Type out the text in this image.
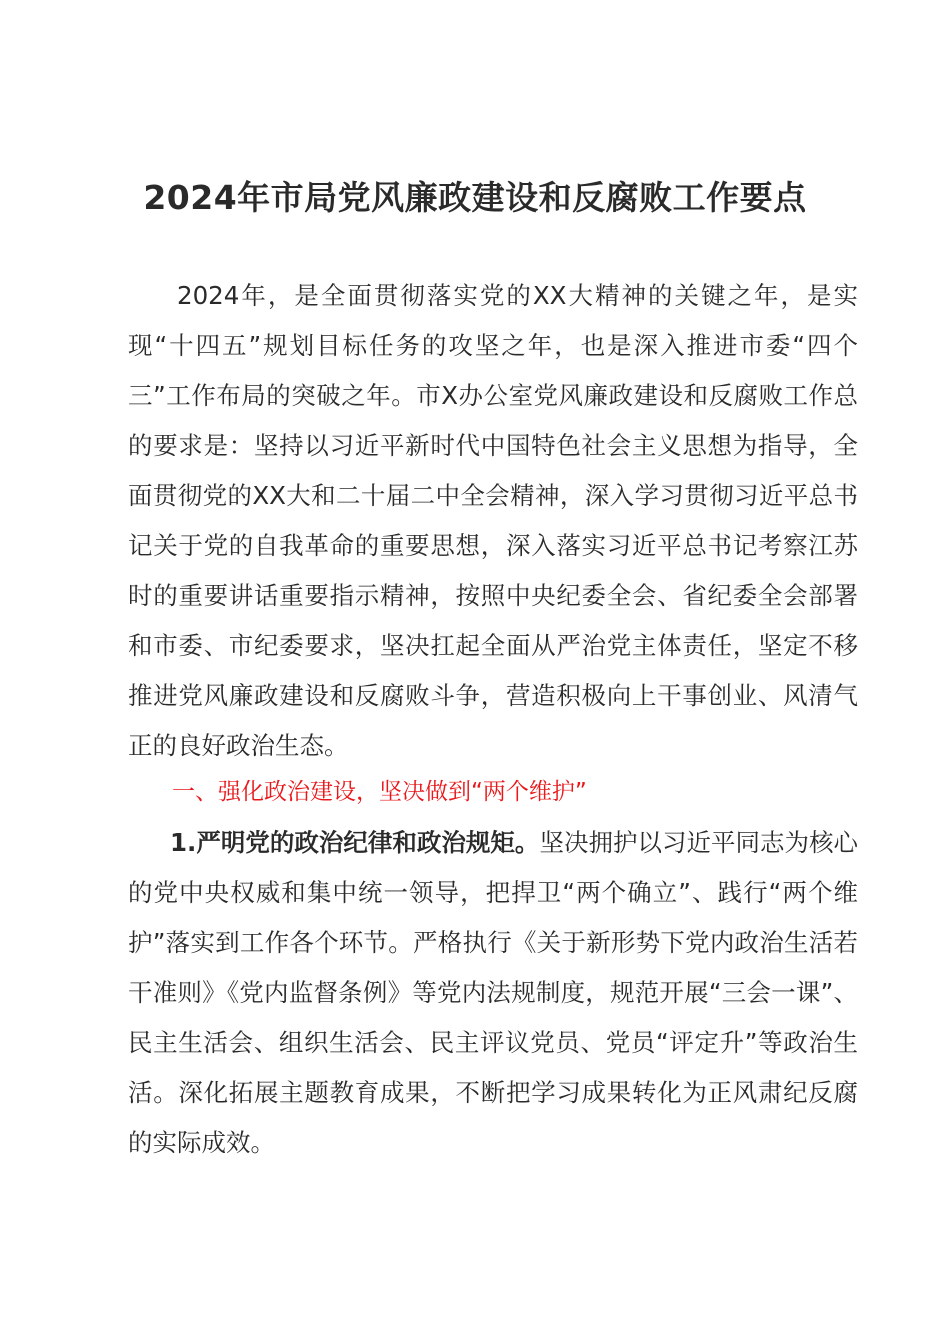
2024年市局党风廉政建设和反腐败工作要点
2024年，是全面贯彻落实党的XX大精神的关键之年，是实现“十四五”规划目标任务的攻坚之年，也是深入推进市委“四个三”工作布局的突破之年。市X办公室党风廉政建设和反腐败工作总的要求是：坚持以习近平新时代中国特色社会主义思想为指导，全面贯彻党的XX大和二十届二中全会精神，深入学习贯彻习近平总书记关于党的自我革命的重要思想，深入落实习近平总书记考察江苏时的重要讲话重要指示精神，按照中央纪委全会、省纪委全会部署和市委、市纪委要求，坚决扛起全面从严治党主体责任，坚定不移推进党风廉政建设和反腐败斗争，营造积极向上干事创业、风清气正的良好政治生态。
一、强化政治建设，坚决做到“两个维护”
1.严明党的政治纪律和政治规矩。坚决拥护以习近平同志为核心的党中央权威和集中统一领导，把捍卫“两个确立”、践行“两个维护”落实到工作各个环节。严格执行《关于新形势下党内政治生活若干准则》《党内监督条例》等党内法规制度，规范开展“三会一课”、民主生活会、组织生活会、民主评议党员、党员“评定升”等政治生活。深化拓展主题教育成果，不断把学习成果转化为正风肃纪反腐的实际成效。
